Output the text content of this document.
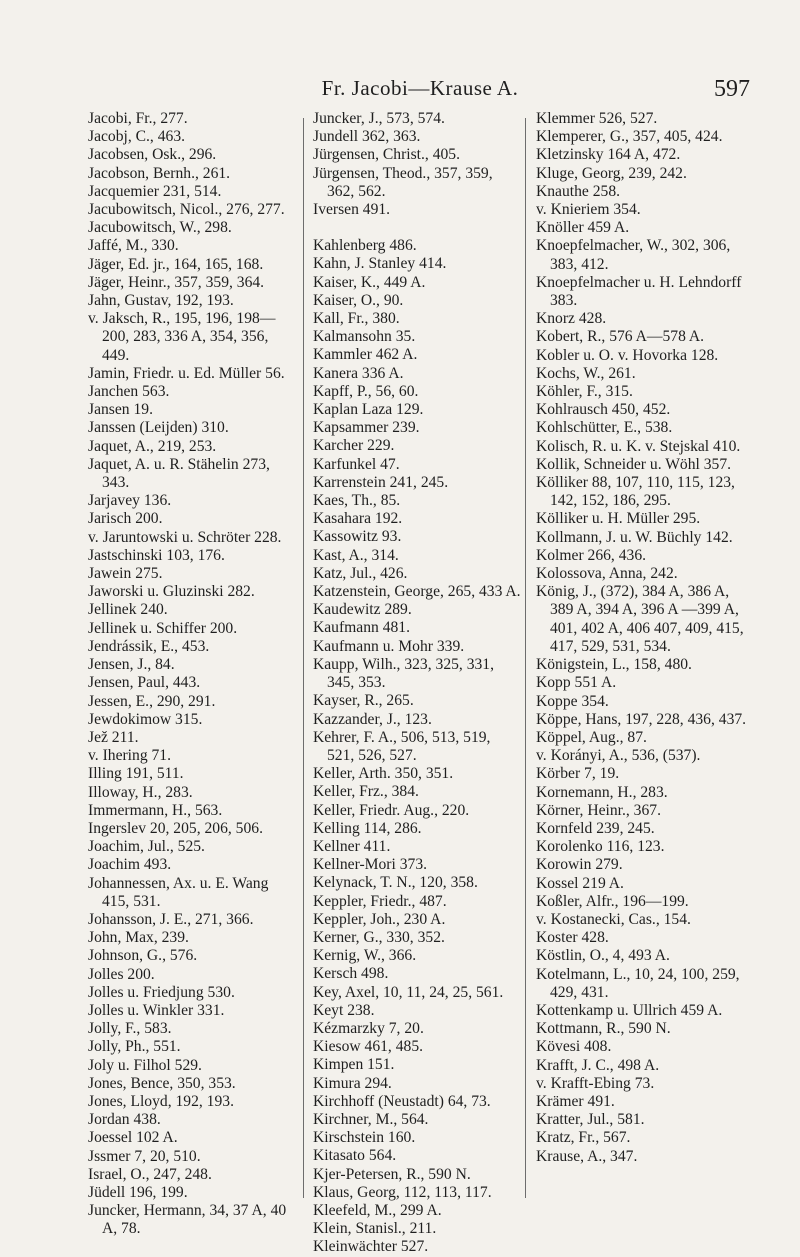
Fr. Jacobi—Krause A.	597

Jacobi, Fr., 277.

Jacobj, C., 463.

Jacobsen, Osk., 296.

Jacobson, Bernh., 261.

Jacquemier 231, 514.

Jacubowitsch, Nicol., 276, 277.

Jacubowitsch, W., 298.

Jaffé, M., 330.

Jäger, Ed. jr., 164, 165, 168.

Jäger, Heinr., 357, 359, 364.

Jahn, Gustav, 192, 193.

v. Jaksch, R., 195, 196, 198—200, 283, 336 A, 354, 356, 449.

Jamin, Friedr. u. Ed. Müller 56.

Janchen 563.

Jansen 19.

Janssen (Leijden) 310.

Jaquet, A., 219, 253.

Jaquet, A. u. R. Stähelin 273, 343.

Jarjavey 136.

Jarisch 200.

v. Jaruntowski u. Schröter 228.

Jastschinski 103, 176.

Jawein 275.

Jaworski u. Gluzinski 282.

Jellinek 240.

Jellinek u. Schiffer 200.

Jendrássik, E., 453.

Jensen, J., 84.

Jensen, Paul, 443.

Jessen, E., 290, 291.

Jewdokimow 315.

Jež 211.

v. Ihering 71.

Illing 191, 511.

Illoway, H., 283.

Immermann, H., 563.

Ingerslev 20, 205, 206, 506.

Joachim, Jul., 525.

Joachim 493.

Johannessen, Ax. u. E. Wang 415, 531.

Johansson, J. E., 271, 366.

John, Max, 239.

Johnson, G., 576.

Jolles 200.

Jolles u. Friedjung 530.

Jolles u. Winkler 331.

Jolly, F., 583.

Jolly, Ph., 551.

Joly u. Filhol 529.

Jones, Bence, 350, 353.

Jones, Lloyd, 192, 193.

Jordan 438.

Joessel 102 A.

Jssmer 7, 20, 510.

Israel, O., 247, 248.

Jüdell 196, 199.

Juncker, Hermann, 34, 37 A, 40 A, 78.

Juncker, J., 573, 574.

Jundell 362, 363.

Jürgensen, Christ., 405.

Jürgensen, Theod., 357, 359, 362, 562.

Iversen 491.

Kahlenberg 486.

Kahn, J. Stanley 414.

Kaiser, K., 449 A.

Kaiser, O., 90.

Kall, Fr., 380.

Kalmansohn 35.

Kammler 462 A.

Kanera 336 A.

Kapff, P., 56, 60.

Kaplan Laza 129.

Kapsammer 239.

Karcher 229.

Karfunkel 47.

Karrenstein 241, 245.

Kaes, Th., 85.

Kasahara 192.

Kassowitz 93.

Kast, A., 314.

Katz, Jul., 426.

Katzenstein, George, 265, 433 A.

Kaudewitz 289.

Kaufmann 481.

Kaufmann u. Mohr 339.

Kaupp, Wilh., 323, 325, 331, 345, 353.

Kayser, R., 265.

Kazzander, J., 123.

Kehrer, F. A., 506, 513, 519, 521, 526, 527.

Keller, Arth. 350, 351.

Keller, Frz., 384.

Keller, Friedr. Aug., 220.

Kelling 114, 286.

Kellner 411.

Kellner-Mori 373.

Kelynack, T. N., 120, 358.

Keppler, Friedr., 487.

Keppler, Joh., 230 A.

Kerner, G., 330, 352.

Kernig, W., 366.

Kersch 498.

Key, Axel, 10, 11, 24, 25, 561.

Keyt 238.

Kézmarzky 7, 20.

Kiesow 461, 485.

Kimpen 151.

Kimura 294.

Kirchhoff (Neustadt) 64, 73.

Kirchner, M., 564.

Kirschstein 160.

Kitasato 564.

Kjer-Petersen, R., 590 N.

Klaus, Georg, 112, 113, 117.

Kleefeld, M., 299 A.

Klein, Stanisl., 211.

Kleinwächter 527.

Klemmer 526, 527.

Klemperer, G., 357, 405, 424.

Kletzinsky 164 A, 472.

Kluge, Georg, 239, 242.

Knauthe 258.

v. Knieriem 354.

Knöller 459 A.

Knoepfelmacher, W., 302, 306, 383, 412.

Knoepfelmacher u. H. Lehndorff 383.

Knorz 428.

Kobert, R., 576 A—578 A.

Kobler u. O. v. Hovorka 128.

Kochs, W., 261.

Köhler, F., 315.

Kohlrausch 450, 452.

Kohlschütter, E., 538.

Kolisch, R. u. K. v. Stejskal 410.

Kollik, Schneider u. Wöhl 357.

Kölliker 88, 107, 110, 115, 123, 142, 152, 186, 295.

Kölliker u. H. Müller 295.

Kollmann, J. u. W. Büchly 142.

Kolmer 266, 436.

Kolossova, Anna, 242.

König, J., (372), 384 A, 386 A, 389 A, 394 A, 396 A —399 A, 401, 402 A, 406 407, 409, 415, 417, 529, 531, 534.

Königstein, L., 158, 480.

Kopp 551 A.

Koppe 354.

Köppe, Hans, 197, 228, 436, 437.

Köppel, Aug., 87.

v. Korányi, A., 536, (537).

Körber 7, 19.

Kornemann, H., 283.

Körner, Heinr., 367.

Kornfeld 239, 245.

Korolenko 116, 123.

Korowin 279.

Kossel 219 A.

Koßler, Alfr., 196—199.

v. Kostanecki, Cas., 154.

Koster 428.

Köstlin, O., 4, 493 A.

Kotelmann, L., 10, 24, 100, 259, 429, 431.

Kottenkamp u. Ullrich 459 A.

Kottmann, R., 590 N.

Kövesi 408.

Krafft, J. C., 498 A.

v. Krafft-Ebing 73.

Krämer 491.

Kratter, Jul., 581.

Kratz, Fr., 567.

Krause, A., 347.
